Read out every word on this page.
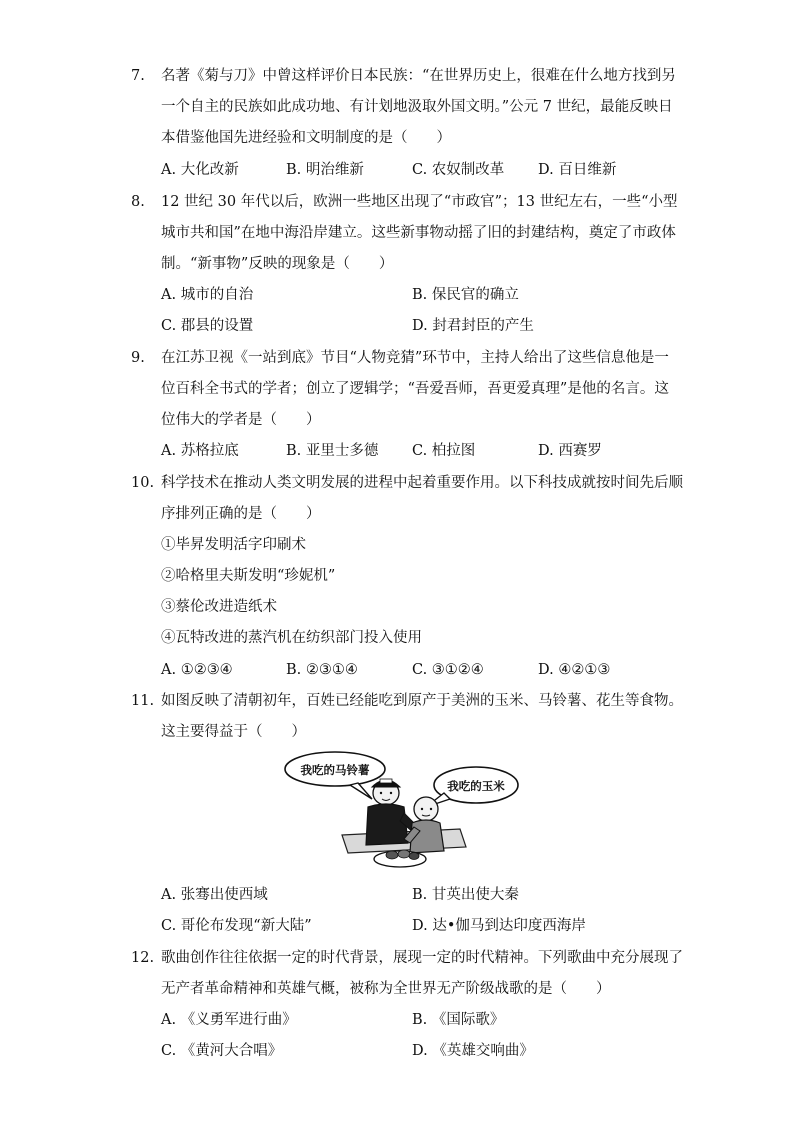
7.	名著《菊与刀》中曾这样评价日本民族：“在世界历史上，很难在什么地方找到另
一个自主的民族如此成功地、有计划地汲取外国文明。”公元 7 世纪，最能反映日
本借鉴他国先进经验和文明制度的是（　　）
A. 大化改新	B. 明治维新	C. 农奴制改革 D. 百日维新
8.	12 世纪 30 年代以后，欧洲一些地区出现了“市政官”；13 世纪左右，一些“小型
城市共和国”在地中海沿岸建立。这些新事物动摇了旧的封建结构，奠定了市政体
制。“新事物”反映的现象是（　　）
A. 城市的自治	B. 保民官的确立
C. 郡县的设置	D. 封君封臣的产生
9.	在江苏卫视《一站到底》节目“人物竞猜”环节中，主持人给出了这些信息他是一
位百科全书式的学者；创立了逻辑学；“吾爱吾师，吾更爱真理”是他的名言。这
位伟大的学者是（　　）
A. 苏格拉底	B. 亚里士多德 C. 柏拉图	D. 西赛罗
10. 科学技术在推动人类文明发展的进程中起着重要作用。以下科技成就按时间先后顺
序排列正确的是（　　）
①毕昇发明活字印刷术
②哈格里夫斯发明“珍妮机”
③蔡伦改进造纸术
④瓦特改进的蒸汽机在纺织部门投入使用
A. ①②③④	B. ②③①④	C. ③①②④	D. ④②①③
11. 如图反映了清朝初年，百姓已经能吃到原产于美洲的玉米、马铃薯、花生等食物。
这主要得益于（　　）
我吃的马铃薯
我吃的玉米
A. 张骞出使西域	B. 甘英出使大秦
C. 哥伦布发现“新大陆”	D. 达•伽马到达印度西海岸
12. 歌曲创作往往依据一定的时代背景，展现一定的时代精神。下列歌曲中充分展现了
无产者革命精神和英雄气概，被称为全世界无产阶级战歌的是（　　）
A. 《义勇军进行曲》	B. 《国际歌》
C. 《黄河大合唱》	D. 《英雄交响曲》
